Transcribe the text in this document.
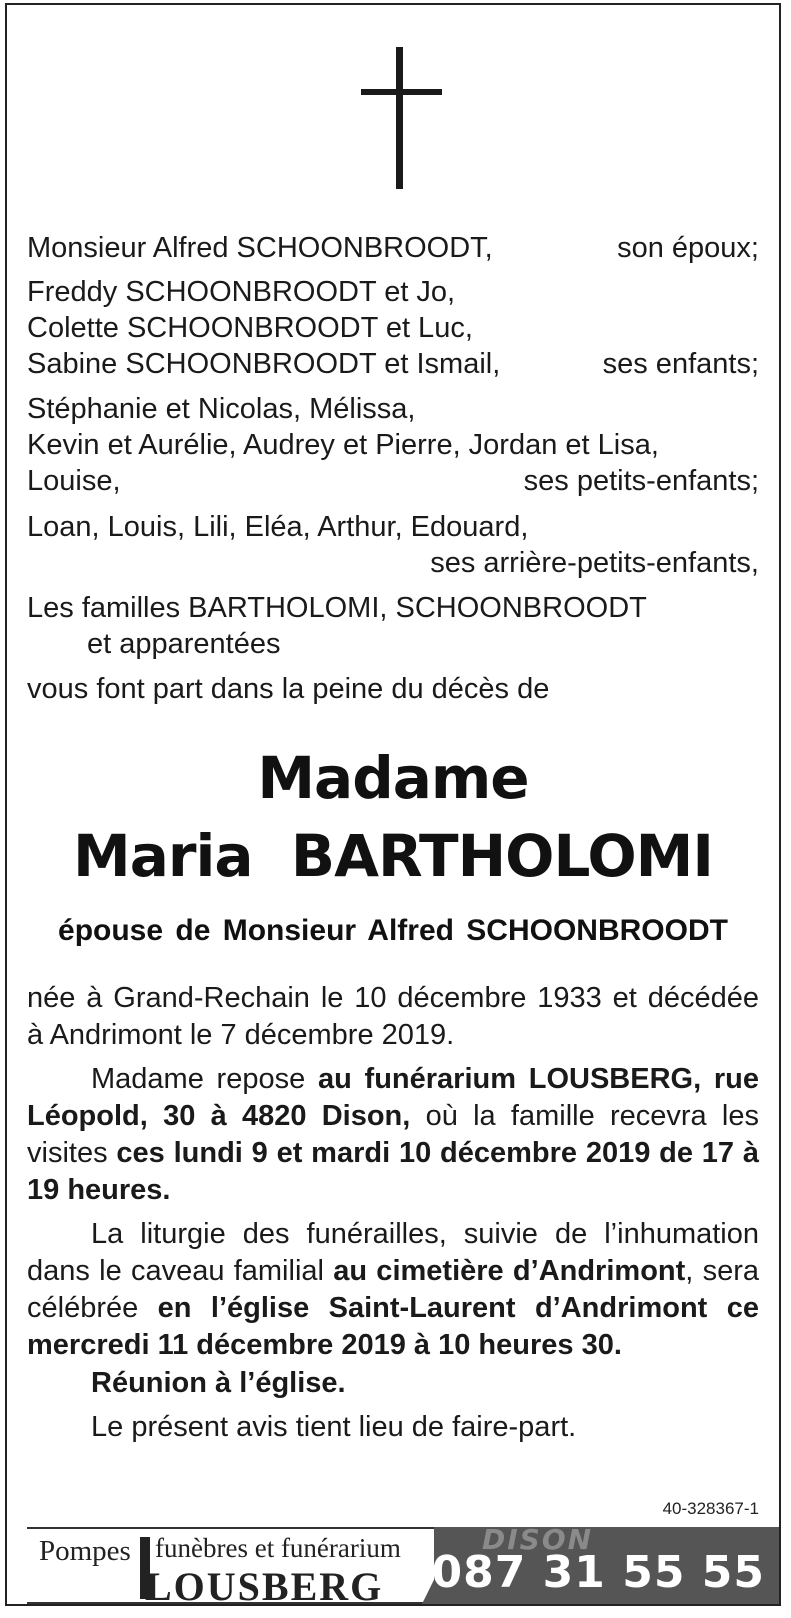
Monsieur Alfred SCHOONBROODT,	son époux;
Freddy SCHOONBROODT et Jo,
Colette SCHOONBROODT et Luc,
Sabine SCHOONBROODT et Ismail,	ses enfants;
Stéphanie et Nicolas, Mélissa,
Kevin et Aurélie, Audrey et Pierre, Jordan et Lisa,
Louise,	ses petits-enfants;
Loan, Louis, Lili, Eléa, Arthur, Edouard,
ses arrière-petits-enfants,
Les familles BARTHOLOMI, SCHOONBROODT
et apparentées
vous font part dans la peine du décès de
Madame
Maria  BARTHOLOMI
épouse de Monsieur Alfred SCHOONBROODT
née à Grand-Rechain le 10 décembre 1933 et décédée à Andrimont le 7 décembre 2019.
Madame repose au funérarium LOUSBERG, rue Léopold, 30 à 4820 Dison, où la famille recevra les visites ces lundi 9 et mardi 10 décembre 2019 de 17 à 19 heures.
La liturgie des funérailles, suivie de l’inhumation dans le caveau familial au cimetière d’Andrimont, sera célébrée en l’église Saint-Laurent d’Andrimont ce mercredi 11 décembre 2019 à 10 heures 30.
Réunion à l’église.
Le présent avis tient lieu de faire-part.
40-328367-1
Pompes funèbres et funérarium
LOUSBERG
DISON
087 31 55 55
